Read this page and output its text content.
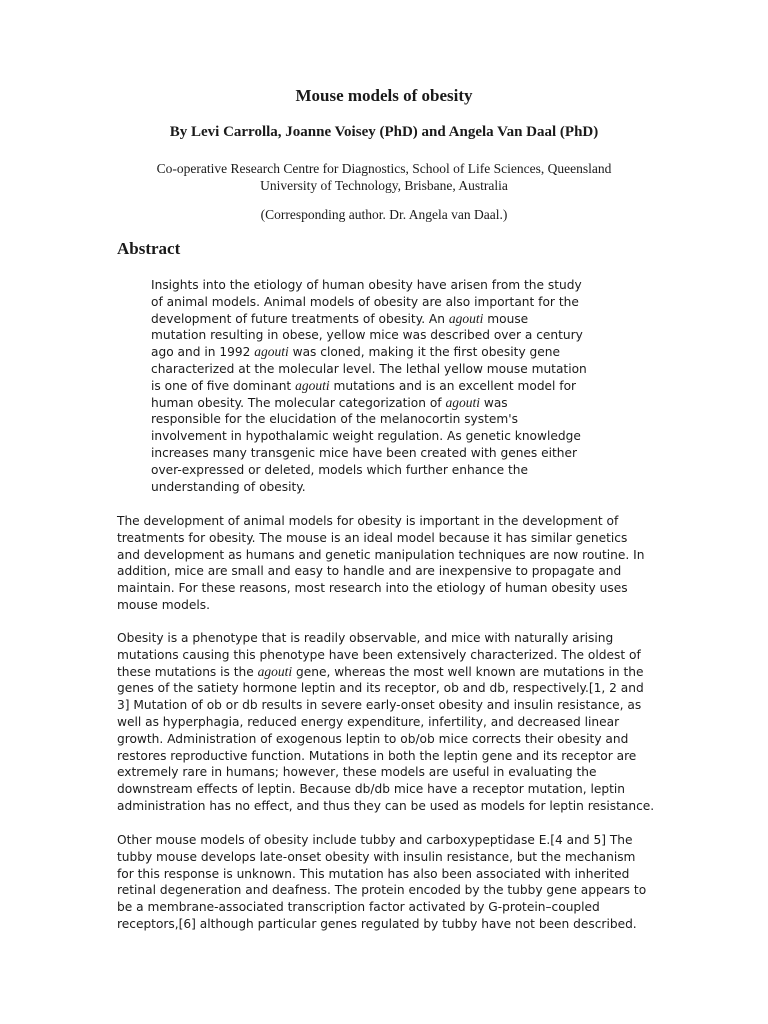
Mouse models of obesity
By Levi Carrolla, Joanne Voisey (PhD) and Angela Van Daal (PhD)
Co-operative Research Centre for Diagnostics, School of Life Sciences, Queensland
University of Technology, Brisbane, Australia
(Corresponding author. Dr. Angela van Daal.)
Abstract
Insights into the etiology of human obesity have arisen from the study
of animal models. Animal models of obesity are also important for the
development of future treatments of obesity. An agouti mouse
mutation resulting in obese, yellow mice was described over a century
ago and in 1992 agouti was cloned, making it the first obesity gene
characterized at the molecular level. The lethal yellow mouse mutation
is one of five dominant agouti mutations and is an excellent model for
human obesity. The molecular categorization of agouti was
responsible for the elucidation of the melanocortin system's
involvement in hypothalamic weight regulation. As genetic knowledge
increases many transgenic mice have been created with genes either
over-expressed or deleted, models which further enhance the
understanding of obesity.
The development of animal models for obesity is important in the development of
treatments for obesity. The mouse is an ideal model because it has similar genetics
and development as humans and genetic manipulation techniques are now routine. In
addition, mice are small and easy to handle and are inexpensive to propagate and
maintain. For these reasons, most research into the etiology of human obesity uses
mouse models.
Obesity is a phenotype that is readily observable, and mice with naturally arising
mutations causing this phenotype have been extensively characterized. The oldest of
these mutations is the agouti gene, whereas the most well known are mutations in the
genes of the satiety hormone leptin and its receptor, ob and db, respectively.[1, 2 and
3] Mutation of ob or db results in severe early-onset obesity and insulin resistance, as
well as hyperphagia, reduced energy expenditure, infertility, and decreased linear
growth. Administration of exogenous leptin to ob/ob mice corrects their obesity and
restores reproductive function. Mutations in both the leptin gene and its receptor are
extremely rare in humans; however, these models are useful in evaluating the
downstream effects of leptin. Because db/db mice have a receptor mutation, leptin
administration has no effect, and thus they can be used as models for leptin resistance.
Other mouse models of obesity include tubby and carboxypeptidase E.[4 and 5] The
tubby mouse develops late-onset obesity with insulin resistance, but the mechanism
for this response is unknown. This mutation has also been associated with inherited
retinal degeneration and deafness. The protein encoded by the tubby gene appears to
be a membrane-associated transcription factor activated by G-protein–coupled
receptors,[6] although particular genes regulated by tubby have not been described.
